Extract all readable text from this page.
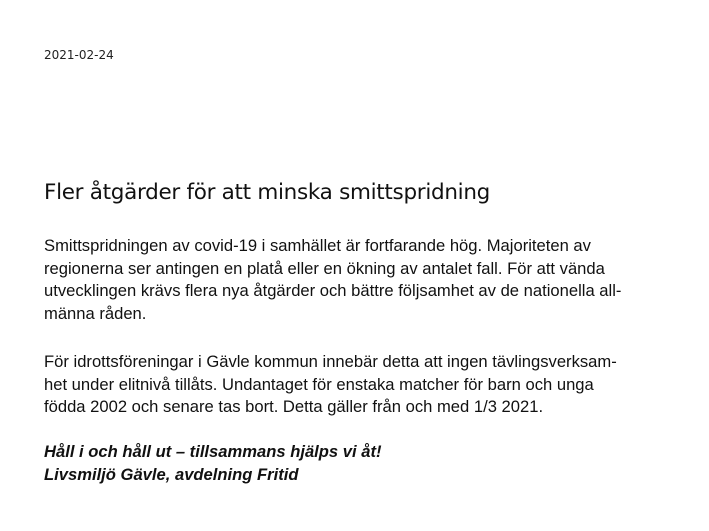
2021-02-24
Fler åtgärder för att minska smittspridning
Smittspridningen av covid-19 i samhället är fortfarande hög. Majoriteten av
regionerna ser antingen en platå eller en ökning av antalet fall. För att vända
utvecklingen krävs flera nya åtgärder och bättre följsamhet av de nationella all-
männa råden.
För idrottsföreningar i Gävle kommun innebär detta att ingen tävlingsverksam-
het under elitnivå tillåts. Undantaget för enstaka matcher för barn och unga
födda 2002 och senare tas bort. Detta gäller från och med 1/3 2021.
Håll i och håll ut – tillsammans hjälps vi åt!
Livsmiljö Gävle, avdelning Fritid
